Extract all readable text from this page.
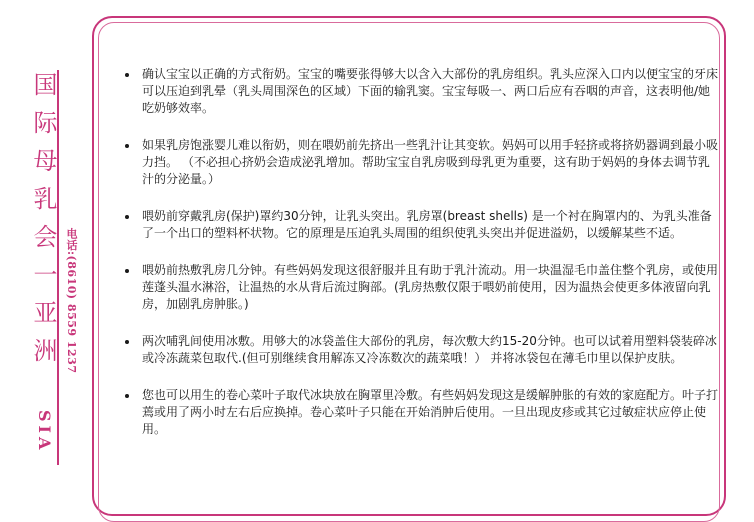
国际母乳会一亚洲 电话:(8610) 8559 1237
SIA
确认宝宝以正确的方式衔奶。宝宝的嘴要张得够大以含入大部份的乳房组织。乳头应深入口内以便宝宝的牙床可以压迫到乳晕（乳头周围深色的区域）下面的输乳窦。宝宝每吸一、两口后应有吞咽的声音，这表明他/她吃奶够效率。
如果乳房饱涨婴儿难以衔奶，则在喂奶前先挤出一些乳汁让其变软。妈妈可以用手轻挤或将挤奶器调到最小吸力挡。 （不必担心挤奶会造成泌乳增加。帮助宝宝自乳房吸到母乳更为重要，这有助于妈妈的身体去调节乳汁的分泌量。）
喂奶前穿戴乳房(保护)罩约30分钟，让乳头突出。乳房罩(breast shells) 是一个衬在胸罩内的、为乳头准备了一个出口的塑料杯状物。它的原理是压迫乳头周围的组织使乳头突出并促进溢奶，以缓解某些不适。
喂奶前热敷乳房几分钟。有些妈妈发现这很舒服并且有助于乳汁流动。用一块温湿毛巾盖住整个乳房，或使用莲蓬头温水淋浴，让温热的水从背后流过胸部。(乳房热敷仅限于喂奶前使用，因为温热会使更多体液留向乳房，加剧乳房肿胀。)
两次哺乳间使用冰敷。用够大的冰袋盖住大部份的乳房，每次敷大约15-20分钟。也可以试着用塑料袋装碎冰或冷冻蔬菜包取代.(但可别继续食用解冻又冷冻数次的蔬菜哦！） 并将冰袋包在薄毛巾里以保护皮肤。
您也可以用生的卷心菜叶子取代冰块放在胸罩里冷敷。有些妈妈发现这是缓解肿胀的有效的家庭配方。叶子打蔫或用了两小时左右后应换掉。卷心菜叶子只能在开始消肿后使用。一旦出现皮疹或其它过敏症状应停止使用。
